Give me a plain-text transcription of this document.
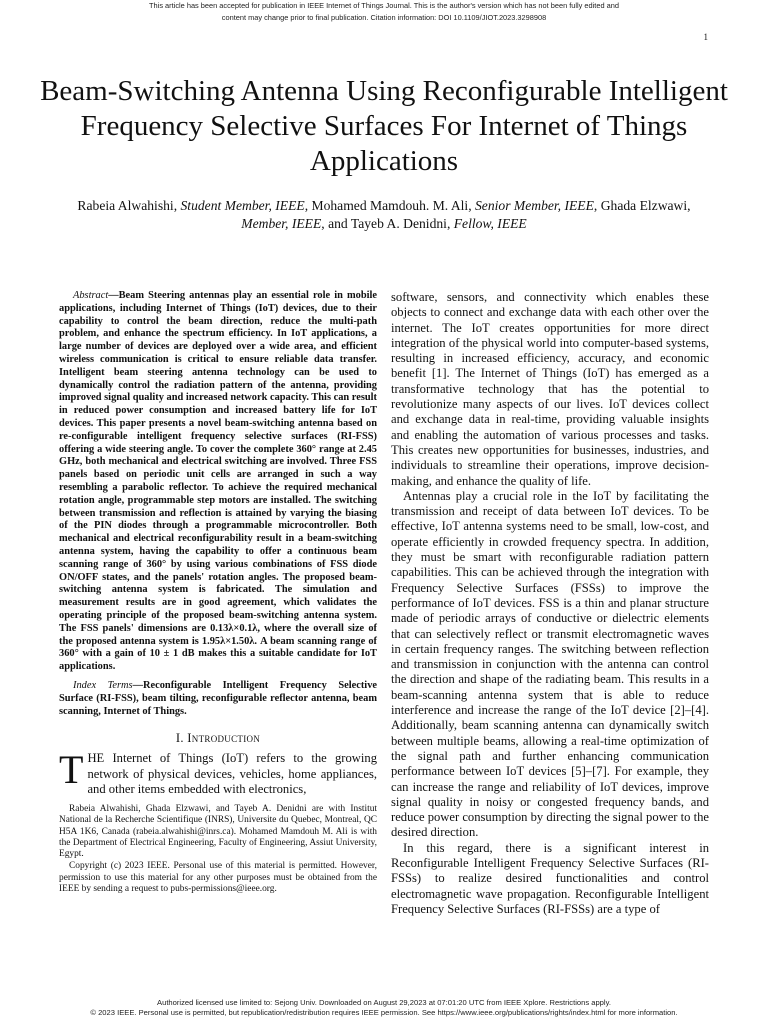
This article has been accepted for publication in IEEE Internet of Things Journal. This is the author's version which has not been fully edited and
content may change prior to final publication. Citation information: DOI 10.1109/JIOT.2023.3298908
1
Beam-Switching Antenna Using Reconfigurable Intelligent Frequency Selective Surfaces For Internet of Things Applications
Rabeia Alwahishi, Student Member, IEEE, Mohamed Mamdouh. M. Ali, Senior Member, IEEE, Ghada Elzwawi, Member, IEEE, and Tayeb A. Denidni, Fellow, IEEE

Abstract—Beam Steering antennas play an essential role in mobile applications, including Internet of Things (IoT) devices, due to their capability to control the beam direction, reduce the multi-path problem, and enhance the spectrum efficiency. In IoT applications, a large number of devices are deployed over a wide area, and efficient wireless communication is critical to ensure reliable data transfer. Intelligent beam steering antenna technology can be used to dynamically control the radiation pattern of the antenna, providing improved signal quality and increased network capacity. This can result in reduced power consumption and increased battery life for IoT devices. This paper presents a novel beam-switching antenna based on re-configurable intelligent frequency selective surfaces (RI-FSS) offering a wide steering angle. To cover the complete 360° range at 2.45 GHz, both mechanical and electrical switching are involved. Three FSS panels based on periodic unit cells are arranged in such a way resembling a parabolic reflector. To achieve the required mechanical rotation angle, programmable step motors are installed. The switching between transmission and reflection is attained by varying the biasing of the PIN diodes through a programmable microcontroller. Both mechanical and electrical reconfigurability result in a beam-switching antenna system, having the capability to offer a continuous beam scanning range of 360° by using various combinations of FSS diode ON/OFF states, and the panels' rotation angles. The proposed beam-switching antenna system is fabricated. The simulation and measurement results are in good agreement, which validates the operating principle of the proposed beam-switching antenna system. The FSS panels' dimensions are 0.13λ×0.1λ, where the overall size of the proposed antenna system is 1.95λ×1.50λ. A beam scanning range of 360° with a gain of 10 ± 1 dB makes this a suitable candidate for IoT applications.

Index Terms—Reconfigurable Intelligent Frequency Selective Surface (RI-FSS), beam tilting, reconfigurable reflector antenna, beam scanning, Internet of Things.

I. Introduction

THE Internet of Things (IoT) refers to the growing network of physical devices, vehicles, home appliances, and other items embedded with electronics,

Rabeia Alwahishi, Ghada Elzwawi, and Tayeb A. Denidni are with Institut National de la Recherche Scientifique (INRS), Universite du Quebec, Montreal, QC H5A 1K6, Canada (rabeia.alwahishi@inrs.ca). Mohamed Mamdouh M. Ali is with the Department of Electrical Engineering, Faculty of Engineering, Assiut University, Egypt.

Copyright (c) 2023 IEEE. Personal use of this material is permitted. However, permission to use this material for any other purposes must be obtained from the IEEE by sending a request to pubs-permissions@ieee.org.

software, sensors, and connectivity which enables these objects to connect and exchange data with each other over the internet. The IoT creates opportunities for more direct integration of the physical world into computer-based systems, resulting in increased efficiency, accuracy, and economic benefit [1]. The Internet of Things (IoT) has emerged as a transformative technology that has the potential to revolutionize many aspects of our lives. IoT devices collect and exchange data in real-time, providing valuable insights and enabling the automation of various processes and tasks. This creates new opportunities for businesses, industries, and individuals to streamline their operations, improve decision-making, and enhance the quality of life.

Antennas play a crucial role in the IoT by facilitating the transmission and receipt of data between IoT devices. To be effective, IoT antenna systems need to be small, low-cost, and operate efficiently in crowded frequency spectra. In addition, they must be smart with reconfigurable radiation pattern capabilities. This can be achieved through the integration with Frequency Selective Surfaces (FSSs) to improve the performance of IoT devices. FSS is a thin and planar structure made of periodic arrays of conductive or dielectric elements that can selectively reflect or transmit electromagnetic waves in certain frequency ranges. The switching between reflection and transmission in conjunction with the antenna can control the direction and shape of the radiating beam. This results in a beam-scanning antenna system that is able to reduce interference and increase the range of the IoT device [2]–[4]. Additionally, beam scanning antenna can dynamically switch between multiple beams, allowing a real-time optimization of the signal path and further enhancing communication performance between IoT devices [5]–[7]. For example, they can increase the range and reliability of IoT devices, improve signal quality in noisy or congested frequency bands, and reduce power consumption by directing the signal power to the desired direction.

In this regard, there is a significant interest in Reconfigurable Intelligent Frequency Selective Surfaces (RI-FSSs) to realize desired functionalities and control electromagnetic wave propagation. Reconfigurable Intelligent Frequency Selective Surfaces (RI-FSSs) are a type of

Authorized licensed use limited to: Sejong Univ. Downloaded on August 29,2023 at 07:01:20 UTC from IEEE Xplore. Restrictions apply.
© 2023 IEEE. Personal use is permitted, but republication/redistribution requires IEEE permission. See https://www.ieee.org/publications/rights/index.html for more information.
